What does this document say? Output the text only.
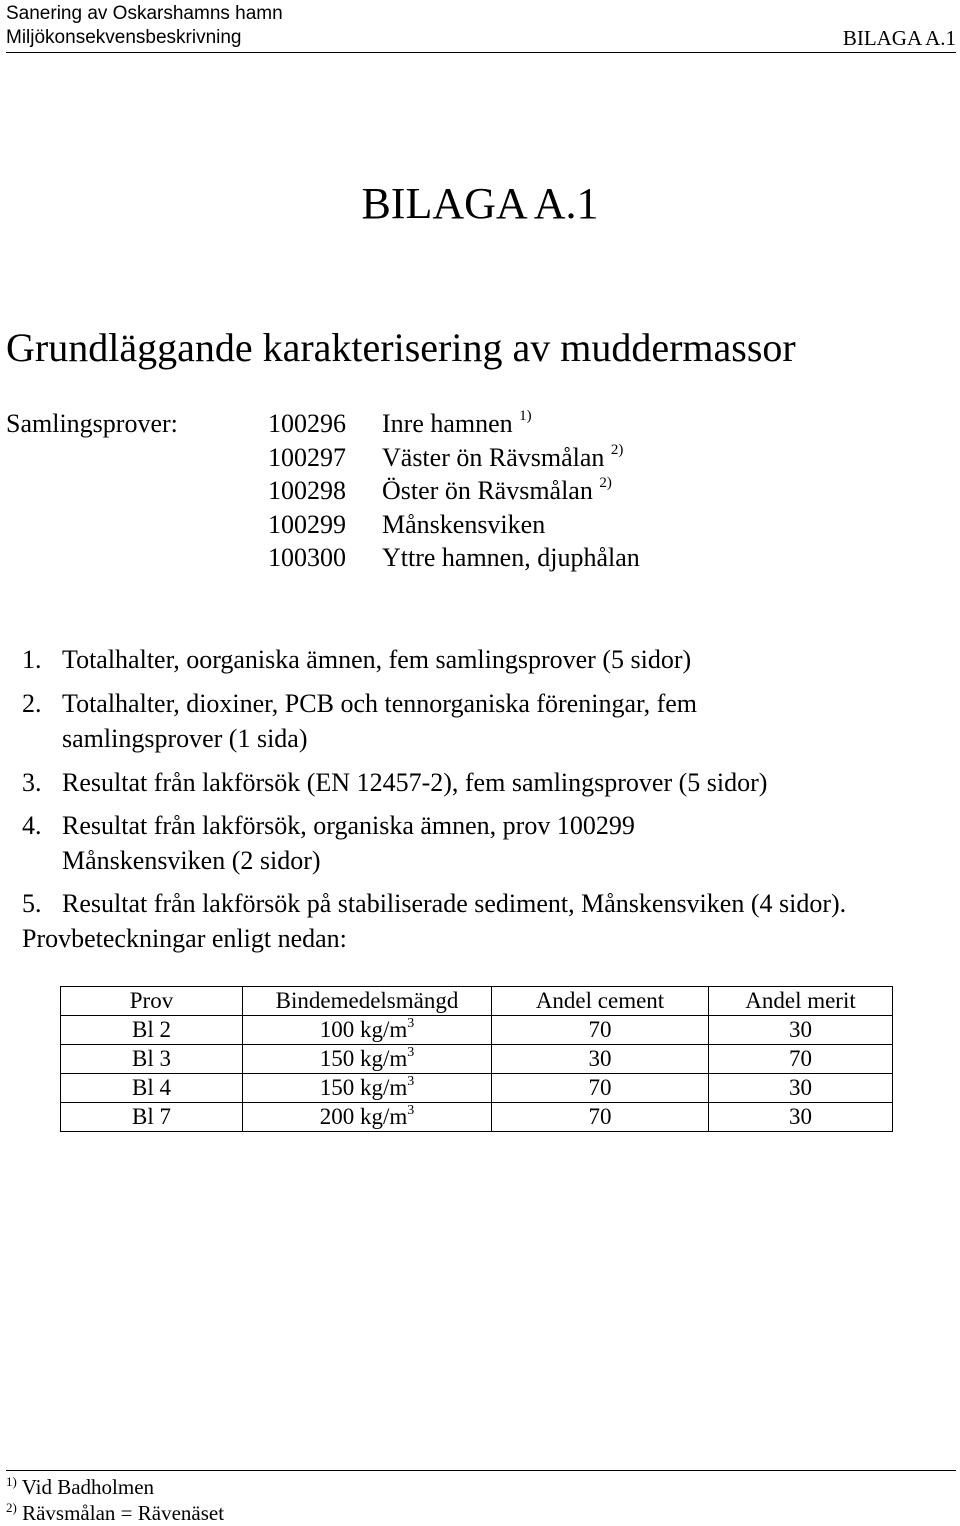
Sanering av Oskarshamns hamn
Miljökonsekvensbeskrivning	BILAGA A.1
BILAGA A.1
Grundläggande karakterisering av muddermassor
Samlingsprover:	100296 Inre hamnen $^{1)}$
100297 Väster ön Rävsmålan $^{2)}$
100298 Öster ön Rävsmålan $^{2)}$
100299 Månskensviken
100300 Yttre hamnen, djuphålan
1. Totalhalter, oorganiska ämnen, fem samlingsprover (5 sidor)
2. Totalhalter, dioxiner, PCB och tennorganiska föreningar, fem samlingsprover (1 sida)
3. Resultat från lakförsök (EN 12457-2), fem samlingsprover (5 sidor)
4. Resultat från lakförsök, organiska ämnen, prov 100299 Månskensviken (2 sidor)
5. Resultat från lakförsök på stabiliserade sediment, Månskensviken (4 sidor). Provbeteckningar enligt nedan:
Prov	Bindemedelsmängd	Andel cement	Andel merit
Bl 2	100 $kg/m^3$	70	30
Bl 3	150 $kg/m^3$	30	70
Bl 4	150 $kg/m^3$	70	30
Bl 7	200 $kg/m^3$	70	30
$^{1)}$ Vid Badholmen
$^{2)}$ Rävsmålan = Rävenäset
